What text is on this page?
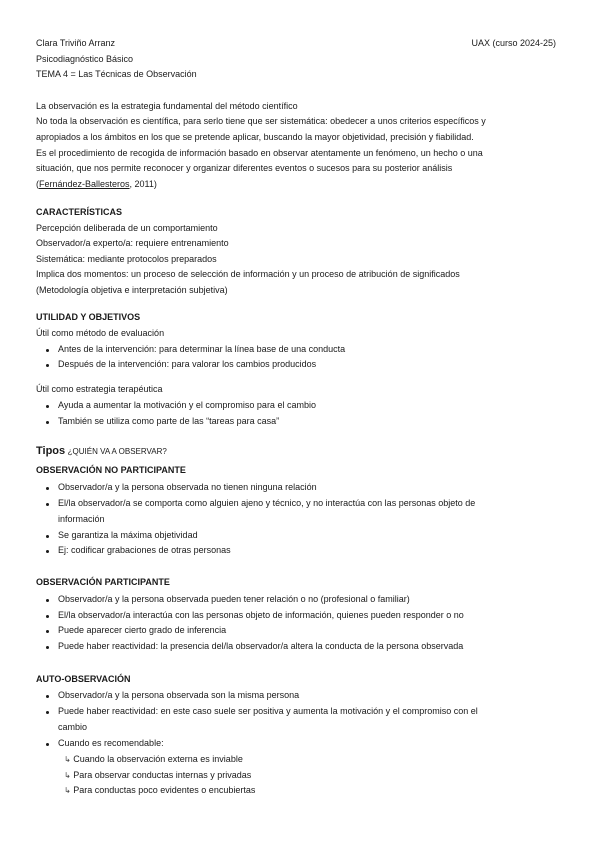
Clara Triviño Arranz	UAX (curso 2024-25)
Psicodiagnóstico Básico
TEMA 4 = Las Técnicas de Observación
La observación es la estrategia fundamental del método científico
No toda la observación es científica, para serlo tiene que ser sistemática: obedecer a unos criterios específicos y
apropiados a los ámbitos en los que se pretende aplicar, buscando la mayor objetividad, precisión y fiabilidad.
Es el procedimiento de recogida de información basado en observar atentamente un fenómeno, un hecho o una
situación, que nos permite reconocer y organizar diferentes eventos o sucesos para su posterior análisis
(Fernández-Ballesteros, 2011)
CARACTERÍSTICAS
Percepción deliberada de un comportamiento
Observador/a experto/a: requiere entrenamiento
Sistemática: mediante protocolos preparados
Implica dos momentos: un proceso de selección de información y un proceso de atribución de significados
(Metodología objetiva e interpretación subjetiva)
UTILIDAD Y OBJETIVOS
Útil como método de evaluación
Antes de la intervención: para determinar la línea base de una conducta
Después de la intervención: para valorar los cambios producidos
Útil como estrategia terapéutica
Ayuda a aumentar la motivación y el compromiso para el cambio
También se utiliza como parte de las “tareas para casa”
Tipos ¿QUIÉN VA A OBSERVAR?
OBSERVACIÓN NO PARTICIPANTE
Observador/a y la persona observada no tienen ninguna relación
El/la observador/a se comporta como alguien ajeno y técnico, y no interactúa con las personas objeto de
información
Se garantiza la máxima objetividad
Ej: codificar grabaciones de otras personas
OBSERVACIÓN PARTICIPANTE
Observador/a y la persona observada pueden tener relación o no (profesional o familiar)
El/la observador/a interactúa con las personas objeto de información, quienes pueden responder o no
Puede aparecer cierto grado de inferencia
Puede haber reactividad: la presencia del/la observador/a altera la conducta de la persona observada
AUTO-OBSERVACIÓN
Observador/a y la persona observada son la misma persona
Puede haber reactividad: en este caso suele ser positiva y aumenta la motivación y el compromiso con el
cambio
Cuando es recomendable:
↳ Cuando la observación externa es inviable
↳ Para observar conductas internas y privadas
↳ Para conductas poco evidentes o encubiertas
